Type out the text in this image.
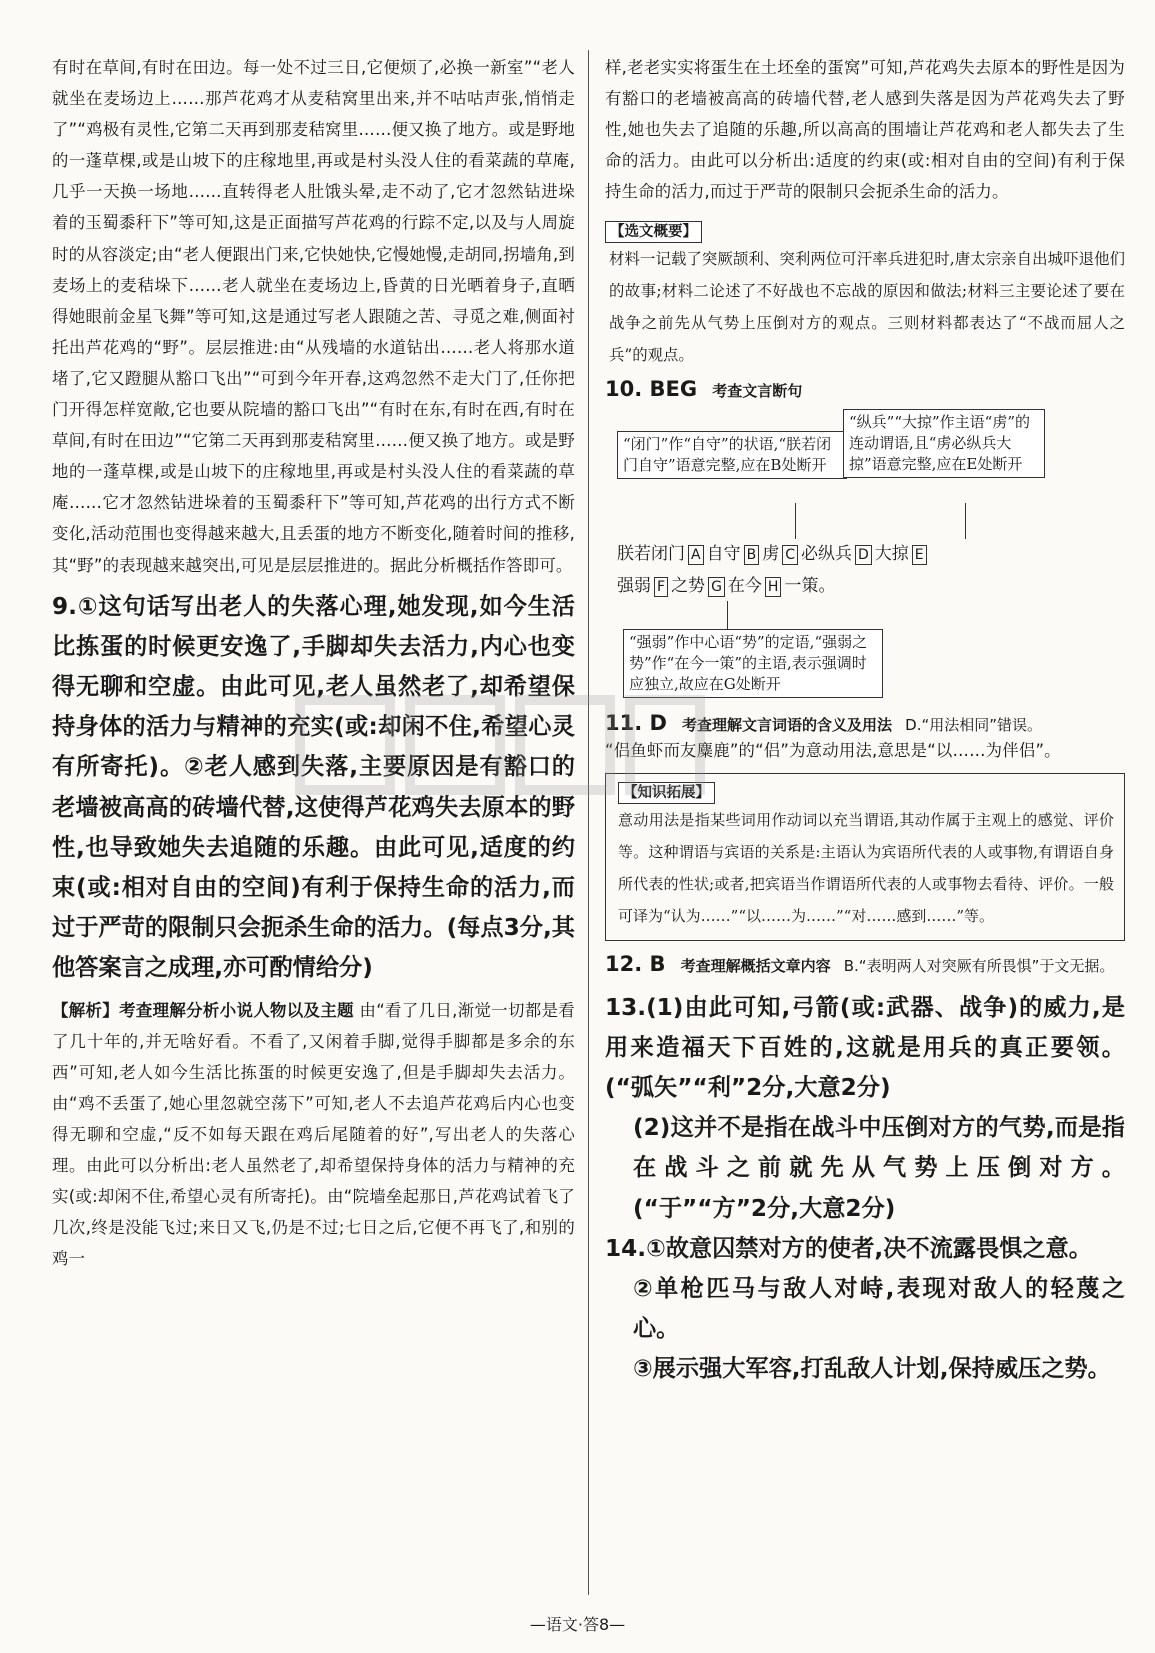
有时在草间,有时在田边。每一处不过三日,它便烦了,必换一新室”“老人就坐在麦场边上……那芦花鸡才从麦秸窝里出来,并不咕咕声张,悄悄走了”“鸡极有灵性,它第二天再到那麦秸窝里……便又换了地方。或是野地的一蓬草棵,或是山坡下的庄稼地里,再或是村头没人住的看菜蔬的草庵,几乎一天换一场地……直转得老人肚饿头晕,走不动了,它才忽然钻进垛着的玉蜀黍秆下”等可知,这是正面描写芦花鸡的行踪不定,以及与人周旋时的从容淡定;由“老人便跟出门来,它快她快,它慢她慢,走胡同,拐墙角,到麦场上的麦秸垛下……老人就坐在麦场边上,昏黄的日光晒着身子,直晒得她眼前金星飞舞”等可知,这是通过写老人跟随之苦、寻觅之难,侧面衬托出芦花鸡的“野”。层层推进:由“从残墙的水道钻出……老人将那水道堵了,它又蹬腿从豁口飞出”“可到今年开春,这鸡忽然不走大门了,任你把门开得怎样宽敞,它也要从院墙的豁口飞出”“有时在东,有时在西,有时在草间,有时在田边”“它第二天再到那麦秸窝里……便又换了地方。或是野地的一蓬草棵,或是山坡下的庄稼地里,再或是村头没人住的看菜蔬的草庵……它才忽然钻进垛着的玉蜀黍秆下”等可知,芦花鸡的出行方式不断变化,活动范围也变得越来越大,且丢蛋的地方不断变化,随着时间的推移,其“野”的表现越来越突出,可见是层层推进的。据此分析概括作答即可。

9.①这句话写出老人的失落心理,她发现,如今生活比拣蛋的时候更安逸了,手脚却失去活力,内心也变得无聊和空虚。由此可见,老人虽然老了,却希望保持身体的活力与精神的充实(或:却闲不住,希望心灵有所寄托)。②老人感到失落,主要原因是有豁口的老墙被高高的砖墙代替,这使得芦花鸡失去原本的野性,也导致她失去追随的乐趣。由此可见,适度的约束(或:相对自由的空间)有利于保持生命的活力,而过于严苛的限制只会扼杀生命的活力。(每点3分,其他答案言之成理,亦可酌情给分)

【解析】考查理解分析小说人物以及主题 由“看了几日,渐觉一切都是看了几十年的,并无啥好看。不看了,又闲着手脚,觉得手脚都是多余的东西”可知,老人如今生活比拣蛋的时候更安逸了,但是手脚却失去活力。由“鸡不丢蛋了,她心里忽就空荡下”可知,老人不去追芦花鸡后内心也变得无聊和空虚,“反不如每天跟在鸡后尾随着的好”,写出老人的失落心理。由此可以分析出:老人虽然老了,却希望保持身体的活力与精神的充实(或:却闲不住,希望心灵有所寄托)。由“院墙垒起那日,芦花鸡试着飞了几次,终是没能飞过;来日又飞,仍是不过;七日之后,它便不再飞了,和别的鸡一

样,老老实实将蛋生在土坯垒的蛋窝”可知,芦花鸡失去原本的野性是因为有豁口的老墙被高高的砖墙代替,老人感到失落是因为芦花鸡失去了野性,她也失去了追随的乐趣,所以高高的围墙让芦花鸡和老人都失去了生命的活力。由此可以分析出:适度的约束(或:相对自由的空间)有利于保持生命的活力,而过于严苛的限制只会扼杀生命的活力。

【选文概要】

材料一记载了突厥颉利、突利两位可汗率兵进犯时,唐太宗亲自出城吓退他们的故事;材料二论述了不好战也不忘战的原因和做法;材料三主要论述了要在战争之前先从气势上压倒对方的观点。三则材料都表达了“不战而屈人之兵”的观点。

10. BEG 考查文言断句
“闭门”作“自守”的状语,“朕若闭门自守”语意完整,应在B处断开
“纵兵”“大掠”作主语“虏”的连动谓语,且“虏必纵兵大掠”语意完整,应在E处断开
朕若闭门 A 自守 B 虏 C 必纵兵 D 大掠 E
强弱 F 之势 G 在今 H 一策。
“强弱”作中心语“势”的定语,“强弱之势”作“在今一策”的主语,表示强调时应独立,故应在G处断开
11. D 考查理解文言词语的含义及用法 D.“用法相同”错误。

“侣鱼虾而友麋鹿”的“侣”为意动用法,意思是“以……为伴侣”。

【知识拓展】

意动用法是指某些词用作动词以充当谓语,其动作属于主观上的感觉、评价等。这种谓语与宾语的关系是:主语认为宾语所代表的人或事物,有谓语自身所代表的性状;或者,把宾语当作谓语所代表的人或事物去看待、评价。一般可译为“认为……”“以……为……”“对……感到……”等。

12. B 考查理解概括文章内容 B.“表明两人对突厥有所畏惧”于文无据。
13.(1)由此可知,弓箭(或:武器、战争)的威力,是用来造福天下百姓的,这就是用兵的真正要领。(“弧矢”“利”2分,大意2分)
(2)这并不是指在战斗中压倒对方的气势,而是指在战斗之前就先从气势上压倒对方。(“于”“方”2分,大意2分)
14.①故意囚禁对方的使者,决不流露畏惧之意。
②单枪匹马与敌人对峙,表现对敌人的轻蔑之心。
③展示强大军容,打乱敌人计划,保持威压之势。
—语文·答8—
